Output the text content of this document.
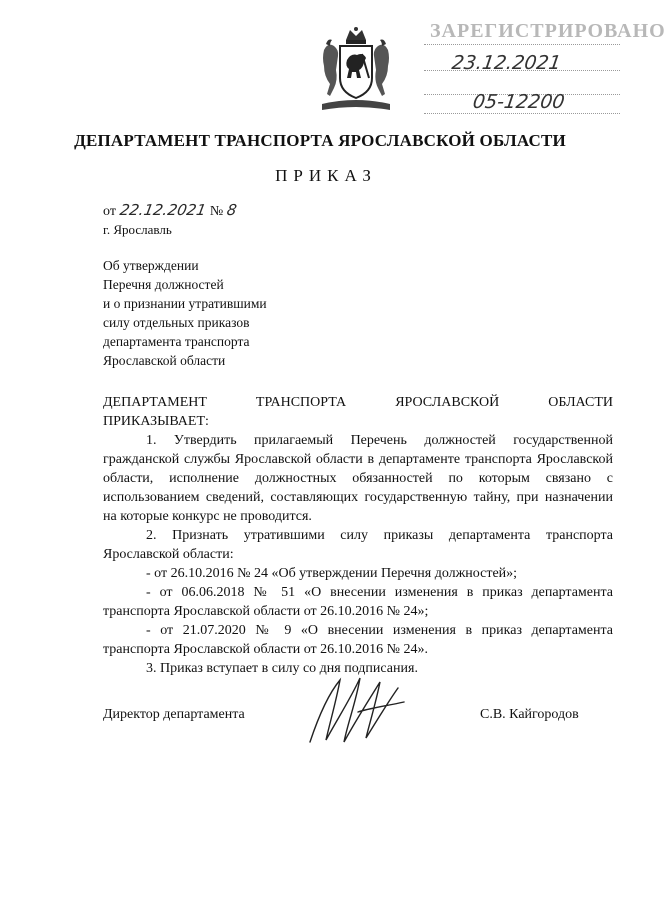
ЗАРЕГИСТРИРОВАНО
23.12.2021
05-12200
ДЕПАРТАМЕНТ ТРАНСПОРТА ЯРОСЛАВСКОЙ ОБЛАСТИ
ПРИКАЗ
от 22.12.2021 № 8
г. Ярославль
Об утверждении
Перечня должностей
и о признании утратившими
силу отдельных приказов
департамента транспорта
Ярославской области
ДЕПАРТАМЕНТ	ТРАНСПОРТА	ЯРОСЛАВСКОЙ	ОБЛАСТИ
ПРИКАЗЫВАЕТ:

1. Утвердить прилагаемый Перечень должностей государственной гражданской службы Ярославской области в департаменте транспорта Ярославской области, исполнение должностных обязанностей по которым связано с использованием сведений, составляющих государственную тайну, при назначении на которые конкурс не проводится.

2. Признать утратившими силу приказы департамента транспорта Ярославской области:

- от 26.10.2016 № 24 «Об утверждении Перечня должностей»;

- от 06.06.2018 № 51 «О внесении изменения в приказ департамента транспорта Ярославской области от 26.10.2016 № 24»;

- от 21.07.2020 № 9 «О внесении изменения в приказ департамента транспорта Ярославской области от 26.10.2016 № 24».

3. Приказ вступает в силу со дня подписания.

Директор департамента	С.В. Кайгородов
